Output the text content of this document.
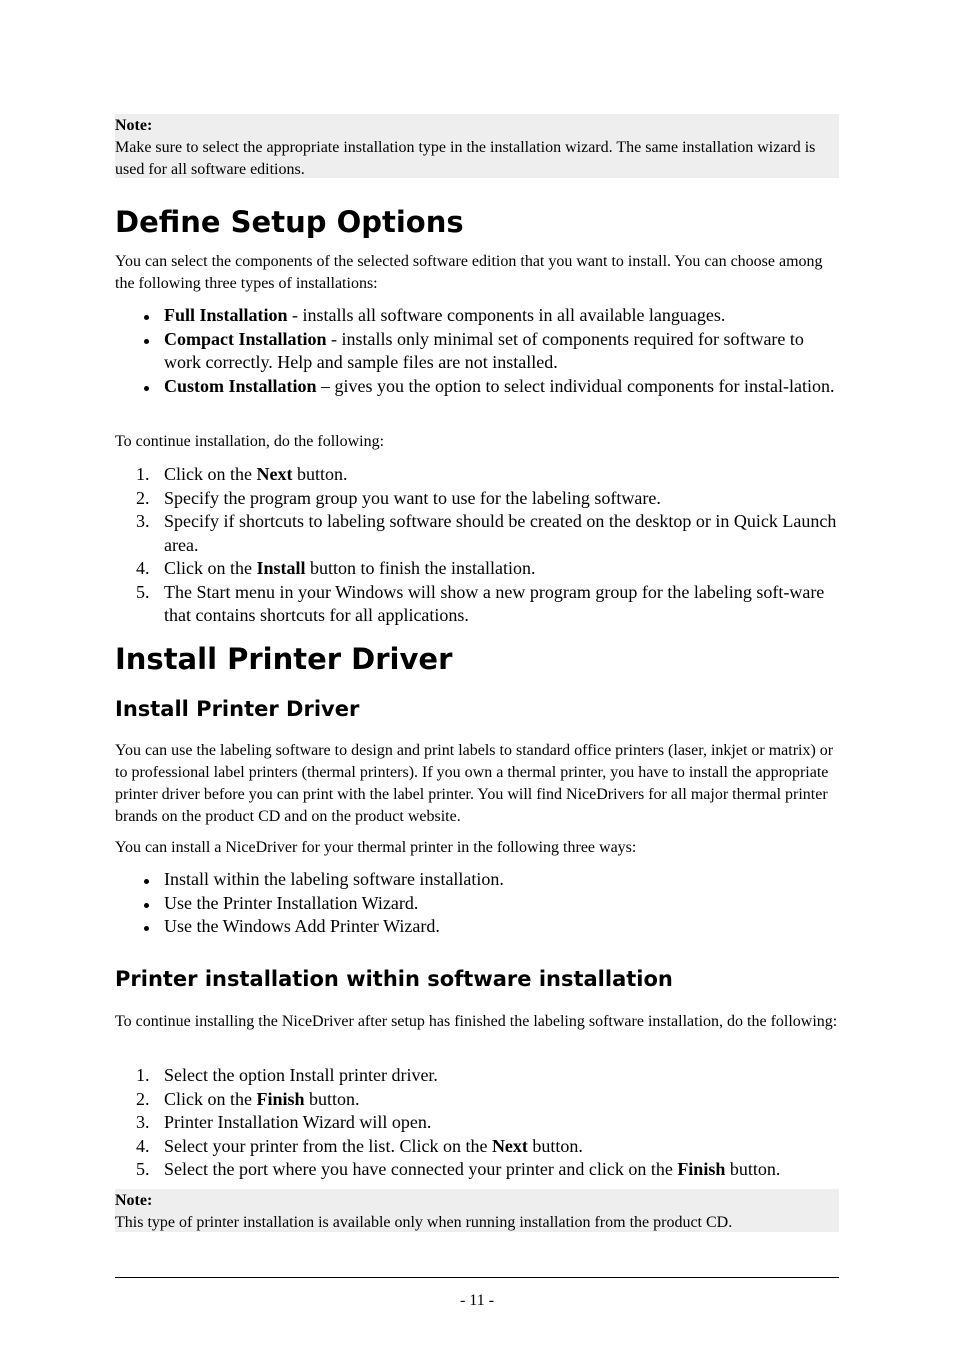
Note:
Make sure to select the appropriate installation type in the installation wizard. The same installation wizard is used for all software editions.
Define Setup Options

You can select the components of the selected software edition that you want to install. You can choose among the following three types of installations:

Full Installation - installs all software components in all available languages.
Compact Installation - installs only minimal set of components required for software to work correctly. Help and sample files are not installed.
Custom Installation – gives you the option to select individual components for instal-lation.

To continue installation, do the following:

1. Click on the Next button.
2. Specify the program group you want to use for the labeling software.
3. Specify if shortcuts to labeling software should be created on the desktop or in Quick Launch area.
4. Click on the Install button to finish the installation.
5. The Start menu in your Windows will show a new program group for the labeling soft-ware that contains shortcuts for all applications.
Install Printer Driver
Install Printer Driver

You can use the labeling software to design and print labels to standard office printers (laser, inkjet or matrix) or to professional label printers (thermal printers). If you own a thermal printer, you have to install the appropriate printer driver before you can print with the label printer. You will find NiceDrivers for all major thermal printer brands on the product CD and on the product website.

You can install a NiceDriver for your thermal printer in the following three ways:

Install within the labeling software installation.
Use the Printer Installation Wizard.
Use the Windows Add Printer Wizard.
Printer installation within software installation

To continue installing the NiceDriver after setup has finished the labeling software installation, do the following:

1. Select the option Install printer driver.
2. Click on the Finish button.
3. Printer Installation Wizard will open.
4. Select your printer from the list. Click on the Next button.
5. Select the port where you have connected your printer and click on the Finish button.
Note:
This type of printer installation is available only when running installation from the product CD.
- 11 -
